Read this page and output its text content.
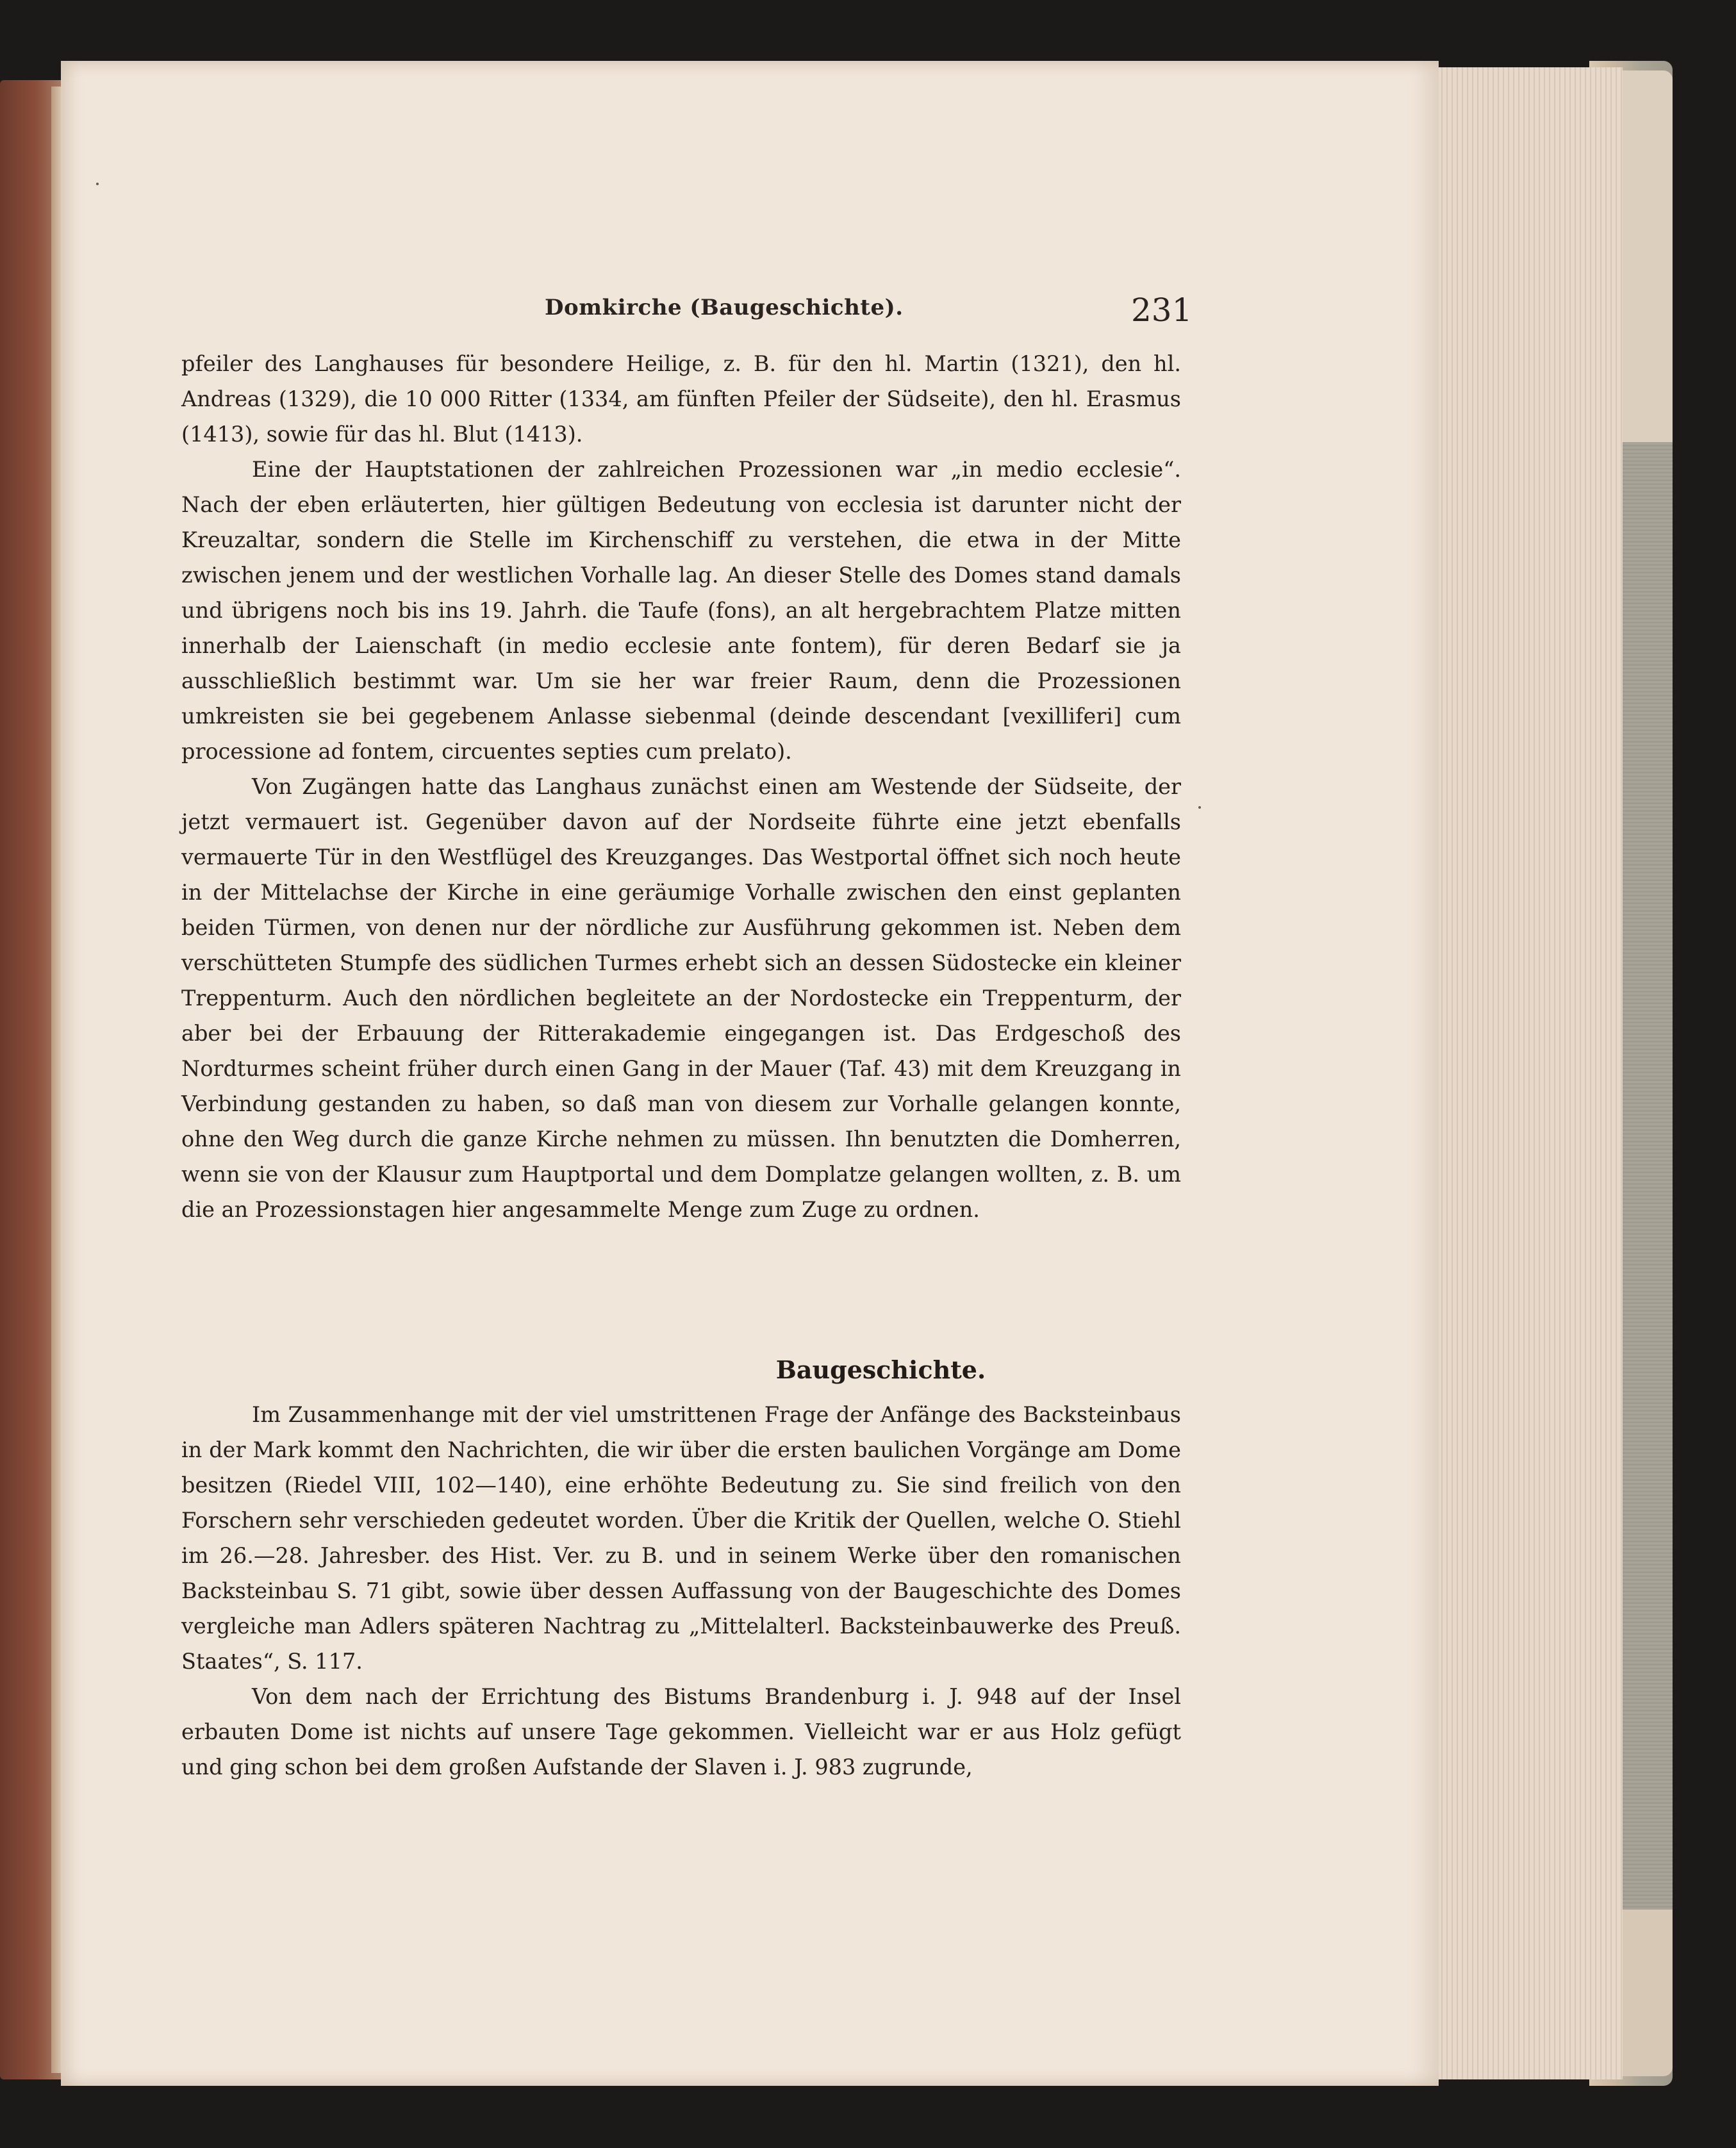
Domkirche (Baugeschichte).	231

pfeiler des Langhauses für besondere Heilige, z. B. für den hl. Martin (1321), den hl. Andreas (1329), die 10 000 Ritter (1334, am fünften Pfeiler der Südseite), den hl. Erasmus (1413), sowie für das hl. Blut (1413).

Eine der Hauptstationen der zahlreichen Prozessionen war „in medio ecclesie“. Nach der eben erläuterten, hier gültigen Bedeutung von ecclesia ist darunter nicht der Kreuzaltar, sondern die Stelle im Kirchenschiff zu verstehen, die etwa in der Mitte zwischen jenem und der westlichen Vorhalle lag. An dieser Stelle des Domes stand damals und übrigens noch bis ins 19. Jahrh. die Taufe (fons), an alt hergebrachtem Platze mitten innerhalb der Laienschaft (in medio ecclesie ante fontem), für deren Bedarf sie ja ausschließlich bestimmt war. Um sie her war freier Raum, denn die Prozessionen umkreisten sie bei gegebenem Anlasse siebenmal (deinde descendant [vexilliferi] cum processione ad fontem, circuentes septies cum prelato).

Von Zugängen hatte das Langhaus zunächst einen am Westende der Südseite, der jetzt vermauert ist. Gegenüber davon auf der Nordseite führte eine jetzt ebenfalls vermauerte Tür in den Westflügel des Kreuzganges. Das Westportal öffnet sich noch heute in der Mittelachse der Kirche in eine geräumige Vorhalle zwischen den einst geplanten beiden Türmen, von denen nur der nördliche zur Ausführung gekommen ist. Neben dem verschütteten Stumpfe des südlichen Turmes erhebt sich an dessen Südostecke ein kleiner Treppenturm. Auch den nördlichen begleitete an der Nordostecke ein Treppenturm, der aber bei der Erbauung der Ritterakademie eingegangen ist. Das Erdgeschoß des Nordturmes scheint früher durch einen Gang in der Mauer (Taf. 43) mit dem Kreuzgang in Verbindung gestanden zu haben, so daß man von diesem zur Vorhalle gelangen konnte, ohne den Weg durch die ganze Kirche nehmen zu müssen. Ihn benutzten die Domherren, wenn sie von der Klausur zum Hauptportal und dem Domplatze gelangen wollten, z. B. um die an Prozessionstagen hier angesammelte Menge zum Zuge zu ordnen.

Baugeschichte.

Im Zusammenhange mit der viel umstrittenen Frage der Anfänge des Backsteinbaus in der Mark kommt den Nachrichten, die wir über die ersten baulichen Vorgänge am Dome besitzen (Riedel VIII, 102—140), eine erhöhte Bedeutung zu. Sie sind freilich von den Forschern sehr verschieden gedeutet worden. Über die Kritik der Quellen, welche O. Stiehl im 26.—28. Jahresber. des Hist. Ver. zu B. und in seinem Werke über den romanischen Backsteinbau S. 71 gibt, sowie über dessen Auffassung von der Baugeschichte des Domes vergleiche man Adlers späteren Nachtrag zu „Mittelalterl. Backsteinbauwerke des Preuß. Staates“, S. 117.

Von dem nach der Errichtung des Bistums Brandenburg i. J. 948 auf der Insel erbauten Dome ist nichts auf unsere Tage gekommen. Vielleicht war er aus Holz gefügt und ging schon bei dem großen Aufstande der Slaven i. J. 983 zugrunde,
